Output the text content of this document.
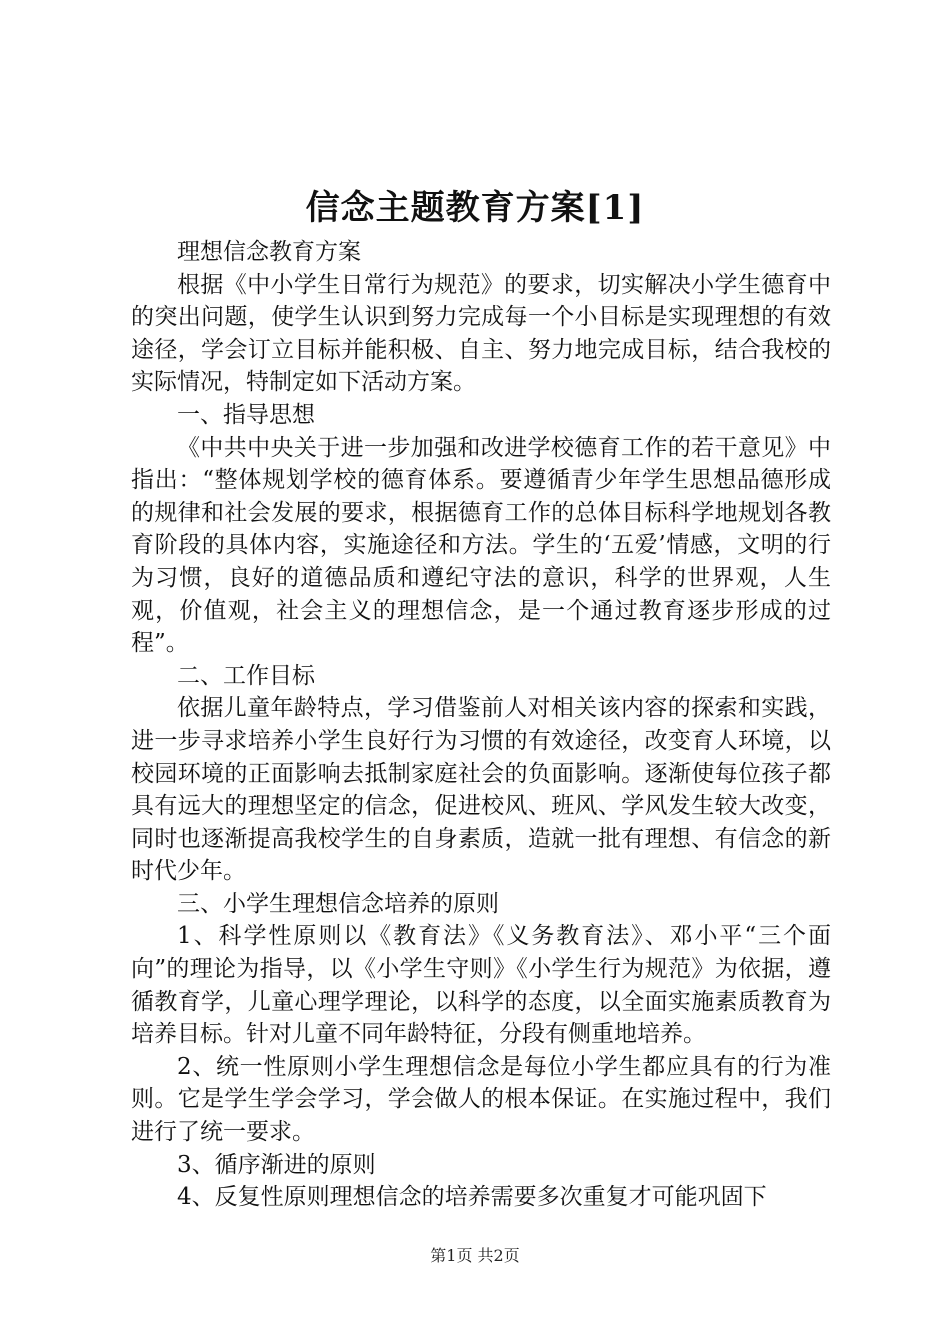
信念主题教育方案[1]

理想信念教育方案

根据《中小学生日常行为规范》的要求，切实解决小学生德育中的突出问题，使学生认识到努力完成每一个小目标是实现理想的有效途径，学会订立目标并能积极、自主、努力地完成目标，结合我校的实际情况，特制定如下活动方案。

一、指导思想

《中共中央关于进一步加强和改进学校德育工作的若干意见》中指出：“整体规划学校的德育体系。要遵循青少年学生思想品德形成的规律和社会发展的要求，根据德育工作的总体目标科学地规划各教育阶段的具体内容，实施途径和方法。学生的‘五爱’情感，文明的行为习惯，良好的道德品质和遵纪守法的意识，科学的世界观，人生观，价值观，社会主义的理想信念，是一个通过教育逐步形成的过程”。

二、工作目标

依据儿童年龄特点，学习借鉴前人对相关该内容的探索和实践，进一步寻求培养小学生良好行为习惯的有效途径，改变育人环境，以校园环境的正面影响去抵制家庭社会的负面影响。逐渐使每位孩子都具有远大的理想坚定的信念，促进校风、班风、学风发生较大改变，同时也逐渐提高我校学生的自身素质，造就一批有理想、有信念的新时代少年。

三、小学生理想信念培养的原则

1、科学性原则以《教育法》《义务教育法》、邓小平“三个面向”的理论为指导，以《小学生守则》《小学生行为规范》为依据，遵循教育学，儿童心理学理论，以科学的态度，以全面实施素质教育为培养目标。针对儿童不同年龄特征，分段有侧重地培养。

2、统一性原则小学生理想信念是每位小学生都应具有的行为准则。它是学生学会学习，学会做人的根本保证。在实施过程中，我们进行了统一要求。

3、循序渐进的原则

4、反复性原则理想信念的培养需要多次重复才可能巩固下

第1页 共2页
